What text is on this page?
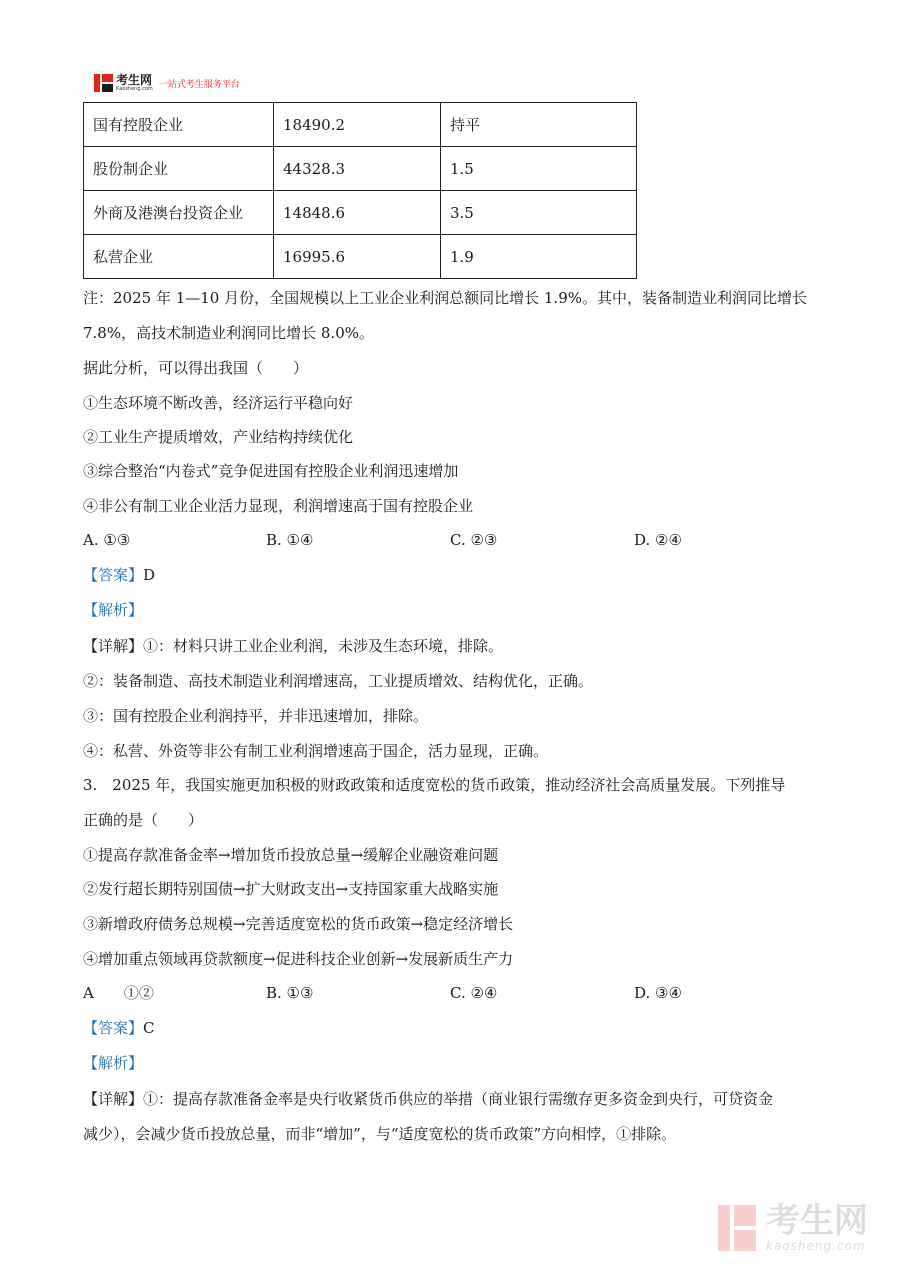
考生网
Kaosheng.com 一站式考生服务平台
国有控股企业	18490.2	持平
股份制企业	44328.3	1.5
外商及港澳台投资企业	14848.6	3.5
私营企业	16995.6	1.9
注：2025 年 1—10 月份，全国规模以上工业企业利润总额同比增长 1.9%。其中，装备制造业利润同比增长
7.8%，高技术制造业利润同比增长 8.0%。
据此分析，可以得出我国（　　）
①生态环境不断改善，经济运行平稳向好
②工业生产提质增效，产业结构持续优化
③综合整治“内卷式”竞争促进国有控股企业利润迅速增加
④非公有制工业企业活力显现，利润增速高于国有控股企业
A. ①③	B. ①④	C. ②③	D. ②④
【答案】D
【解析】
【详解】①：材料只讲工业企业利润，未涉及生态环境，排除。
②：装备制造、高技术制造业利润增速高，工业提质增效、结构优化，正确。
③：国有控股企业利润持平，并非迅速增加，排除。
④：私营、外资等非公有制工业利润增速高于国企，活力显现，正确。
3.　2025 年，我国实施更加积极的财政政策和适度宽松的货币政策，推动经济社会高质量发展。下列推导
正确的是（　　）
①提高存款准备金率→增加货币投放总量→缓解企业融资难问题
②发行超长期特别国债→扩大财政支出→支持国家重大战略实施
③新增政府债务总规模→完善适度宽松的货币政策→稳定经济增长
④增加重点领域再贷款额度→促进科技企业创新→发展新质生产力
A　　①②	B. ①③	C. ②④	D. ③④
【答案】C
【解析】
【详解】①：提高存款准备金率是央行收紧货币供应的举措（商业银行需缴存更多资金到央行，可贷资金
减少），会减少货币投放总量，而非“增加”，与“适度宽松的货币政策”方向相悖，①排除。
考生网
kaosheng.com
